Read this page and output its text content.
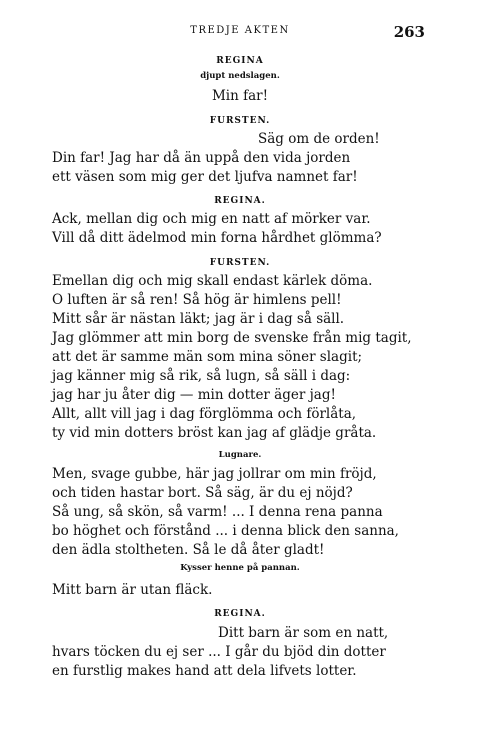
TREDJE AKTEN	263
REGINA
djupt nedslagen.
Min far!
FURSTEN.
Säg om de orden!
Din far! Jag har då än uppå den vida jorden
ett väsen som mig ger det ljufva namnet far!
REGINA.
Ack, mellan dig och mig en natt af mörker var.
Vill då ditt ädelmod min forna hårdhet glömma?
FURSTEN.
Emellan dig och mig skall endast kärlek döma.
O luften är så ren! Så hög är himlens pell!
Mitt sår är nästan läkt; jag är i dag så säll.
Jag glömmer att min borg de svenske från mig tagit,
att det är samme män som mina söner slagit;
jag känner mig så rik, så lugn, så säll i dag:
jag har ju åter dig — min dotter äger jag!
Allt, allt vill jag i dag förglömma och förlåta,
ty vid min dotters bröst kan jag af glädje gråta.
Lugnare.
Men, svage gubbe, här jag jollrar om min fröjd,
och tiden hastar bort. Så säg, är du ej nöjd?
Så ung, så skön, så varm! ... I denna rena panna
bo höghet och förstånd ... i denna blick den sanna,
den ädla stoltheten. Så le då åter gladt!
Kysser henne på pannan.
Mitt barn är utan fläck.
REGINA.
Ditt barn är som en natt,
hvars töcken du ej ser ... I går du bjöd din dotter
en furstlig makes hand att dela lifvets lotter.
